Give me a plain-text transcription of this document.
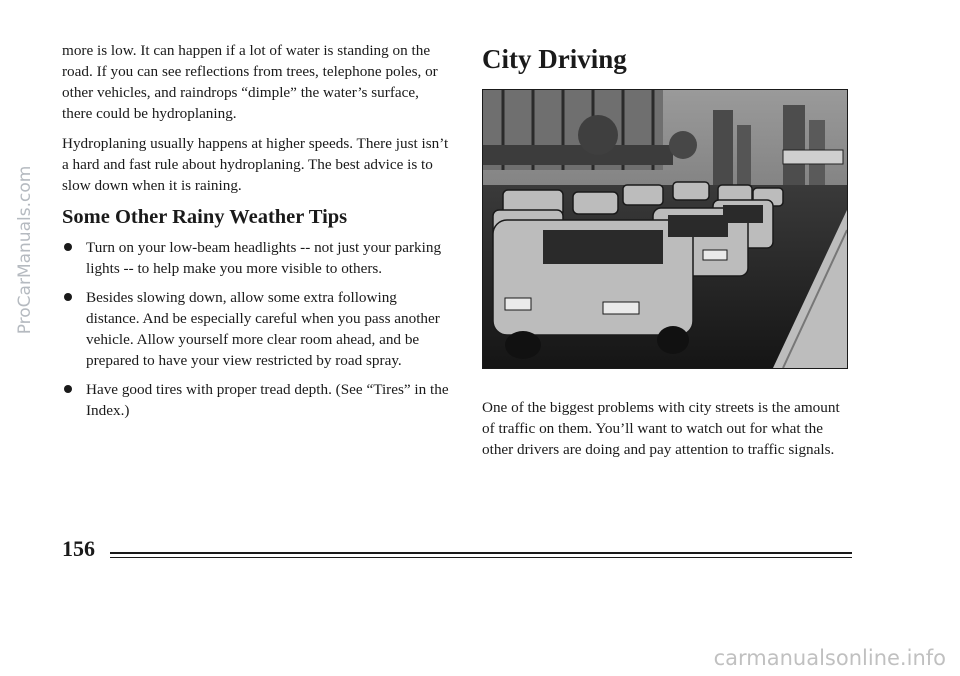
ProCarManuals.com

more is low. It can happen if a lot of water is standing on the road. If you can see reflections from trees, telephone poles, or other vehicles, and raindrops “dimple” the water’s surface, there could be hydroplaning.

Hydroplaning usually happens at higher speeds. There just isn’t a hard and fast rule about hydroplaning. The best advice is to slow down when it is raining.

Some Other Rainy Weather Tips
Turn on your low-beam headlights -- not just your parking lights -- to help make you more visible to others.
Besides slowing down, allow some extra following distance. And be especially careful when you pass another vehicle. Allow yourself more clear room ahead, and be prepared to have your view restricted by road spray.
Have good tires with proper tread depth. (See “Tires” in the Index.)
City Driving

One of the biggest problems with city streets is the amount of traffic on them. You’ll want to watch out for what the other drivers are doing and pay attention to traffic signals.

156
carmanualsonline.info
